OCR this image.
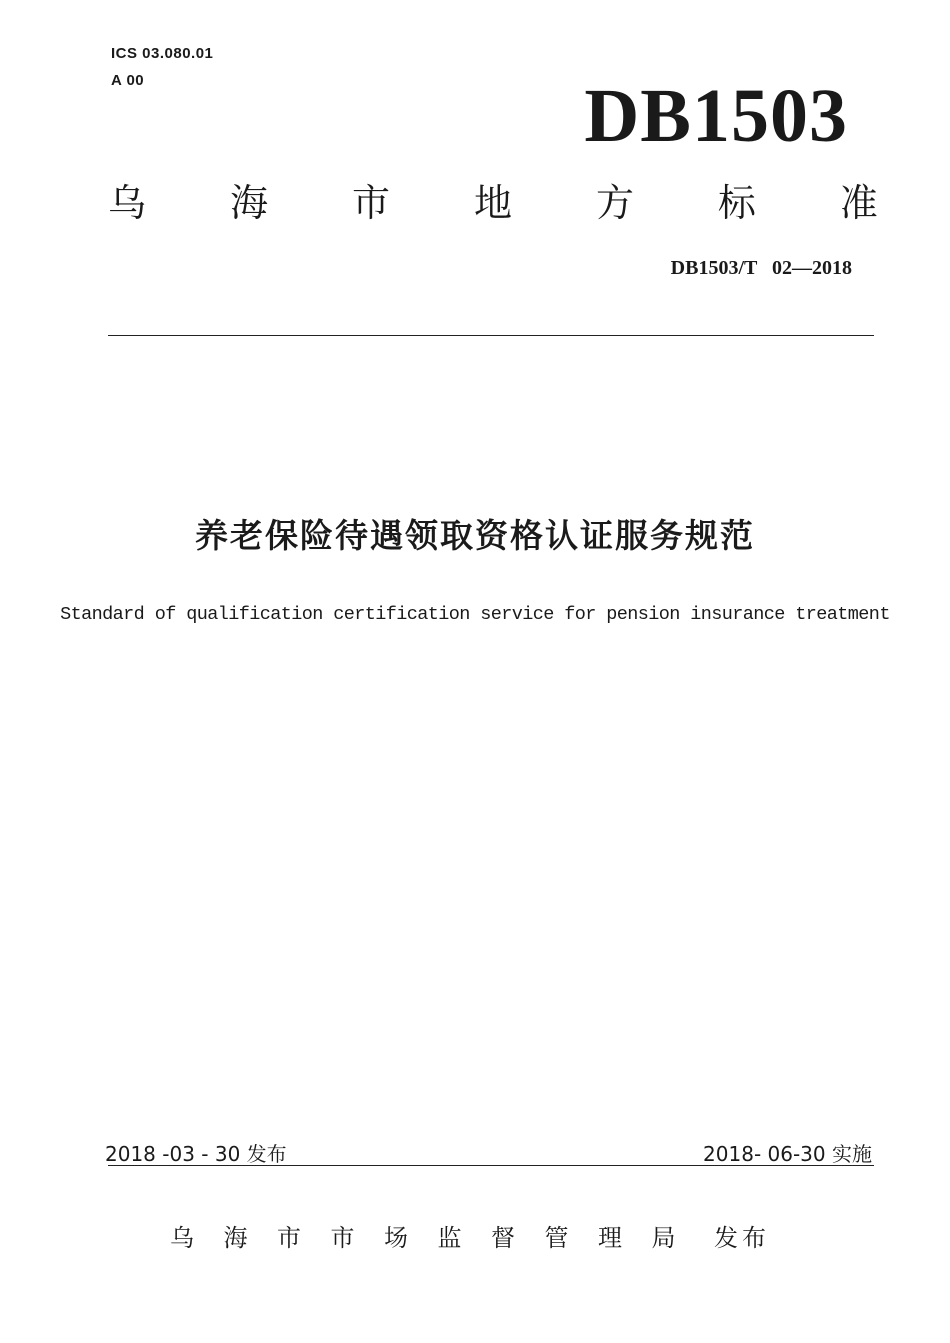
ICS 03.080.01
A 00	DB1503
乌 海 市 地 方 标 准
DB1503/T   02—2018
养老保险待遇领取资格认证服务规范
Standard of qualification certification service for pension insurance treatment
2018 -03 - 30 发布	2018- 06-30 实施
乌	海	市	市	场	监	督	管	理	局	发布
